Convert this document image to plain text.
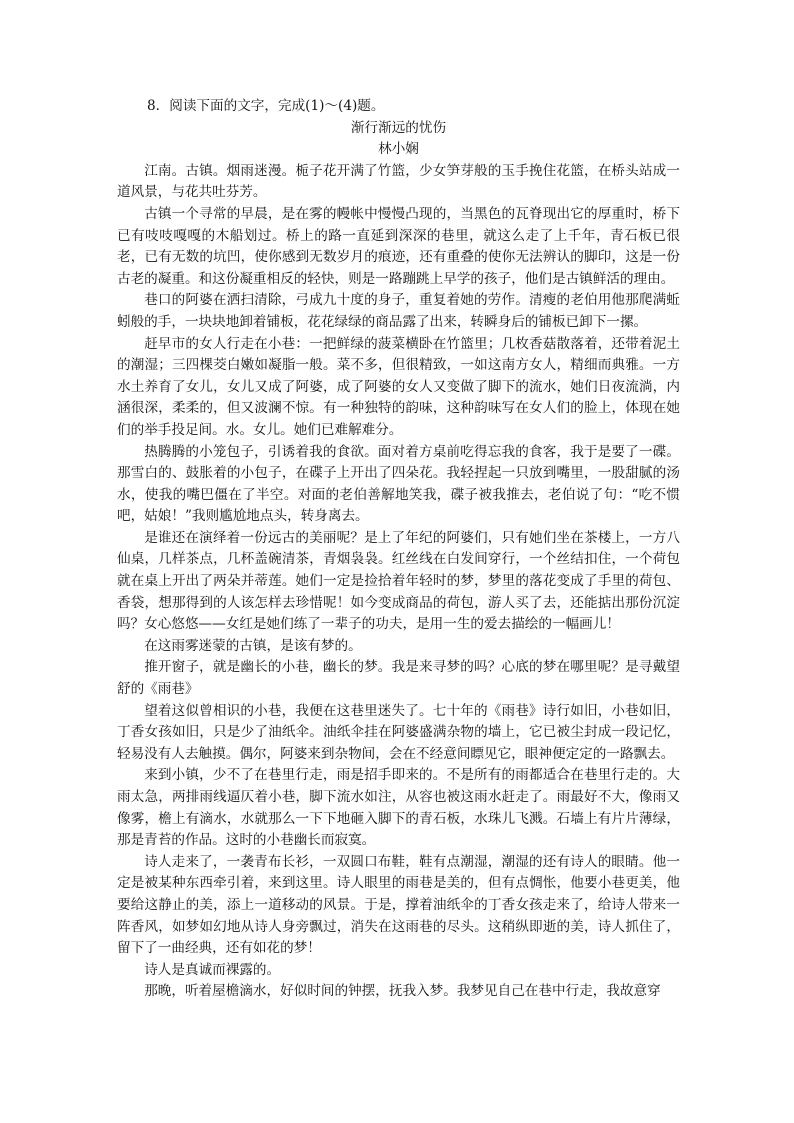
8．阅读下面的文字，完成(1)～(4)题。

渐行渐远的忧伤

林小娴

江南。古镇。烟雨迷漫。栀子花开满了竹篮，少女笋芽般的玉手挽住花篮，在桥头站成一道风景，与花共吐芬芳。

古镇一个寻常的早晨，是在雾的幔帐中慢慢凸现的，当黑色的瓦脊现出它的厚重时，桥下已有吱吱嘎嘎的木船划过。桥上的路一直延到深深的巷里，就这么走了上千年，青石板已很老，已有无数的坑凹，使你感到无数岁月的痕迹，还有重叠的使你无法辨认的脚印，这是一份古老的凝重。和这份凝重相反的轻快，则是一路蹦跳上早学的孩子，他们是古镇鲜活的理由。

巷口的阿婆在洒扫清除，弓成九十度的身子，重复着她的劳作。清瘦的老伯用他那爬满蚯蚓般的手，一块块地卸着铺板，花花绿绿的商品露了出来，转瞬身后的铺板已卸下一摞。

赶早市的女人行走在小巷：一把鲜绿的菠菜横卧在竹篮里；几枚香菇散落着，还带着泥土的潮湿；三四棵茭白嫩如凝脂一般。菜不多，但很精致，一如这南方女人，精细而典雅。一方水土养育了女儿，女儿又成了阿婆，成了阿婆的女人又变做了脚下的流水，她们日夜流淌，内涵很深，柔柔的，但又波澜不惊。有一种独特的韵味，这种韵味写在女人们的脸上，体现在她们的举手投足间。水。女儿。她们已难解难分。

热腾腾的小笼包子，引诱着我的食欲。面对着方桌前吃得忘我的食客，我于是要了一碟。那雪白的、鼓胀着的小包子，在碟子上开出了四朵花。我轻捏起一只放到嘴里，一股甜腻的汤水，使我的嘴巴僵在了半空。对面的老伯善解地笑我，碟子被我推去，老伯说了句：“吃不惯吧，姑娘！”我则尴尬地点头，转身离去。

是谁还在演绎着一份远古的美丽呢？是上了年纪的阿婆们，只有她们坐在茶楼上，一方八仙桌，几样茶点，几杯盖碗清茶，青烟袅袅。红丝线在白发间穿行，一个丝结扣住，一个荷包就在桌上开出了两朵并蒂莲。她们一定是捡拾着年轻时的梦，梦里的落花变成了手里的荷包、香袋，想那得到的人该怎样去珍惜呢！如今变成商品的荷包，游人买了去，还能掂出那份沉淀吗？女心悠悠——女红是她们练了一辈子的功夫，是用一生的爱去描绘的一幅画儿！

在这雨雾迷蒙的古镇，是该有梦的。

推开窗子，就是幽长的小巷，幽长的梦。我是来寻梦的吗？心底的梦在哪里呢？是寻戴望舒的《雨巷》

望着这似曾相识的小巷，我便在这巷里迷失了。七十年的《雨巷》诗行如旧，小巷如旧，丁香女孩如旧，只是少了油纸伞。油纸伞挂在阿婆盛满杂物的墙上，它已被尘封成一段记忆，轻易没有人去触摸。偶尔，阿婆来到杂物间，会在不经意间瞟见它，眼神便定定的一路飘去。

来到小镇，少不了在巷里行走，雨是招手即来的。不是所有的雨都适合在巷里行走的。大雨太急，两排雨线逼仄着小巷，脚下流水如注，从容也被这雨水赶走了。雨最好不大，像雨又像雾，檐上有滴水，水就那么一下下地砸入脚下的青石板，水珠儿飞溅。石墙上有片片薄绿，那是青苔的作品。这时的小巷幽长而寂寞。

诗人走来了，一袭青布长衫，一双圆口布鞋，鞋有点潮湿，潮湿的还有诗人的眼睛。他一定是被某种东西牵引着，来到这里。诗人眼里的雨巷是美的，但有点惆怅，他要小巷更美，他要给这静止的美，添上一道移动的风景。于是，撑着油纸伞的丁香女孩走来了，给诗人带来一阵香风，如梦如幻地从诗人身旁飘过，消失在这雨巷的尽头。这稍纵即逝的美，诗人抓住了，留下了一曲经典，还有如花的梦！

诗人是真诚而裸露的。

那晚，听着屋檐滴水，好似时间的钟摆，抚我入梦。我梦见自己在巷中行走，我故意穿
